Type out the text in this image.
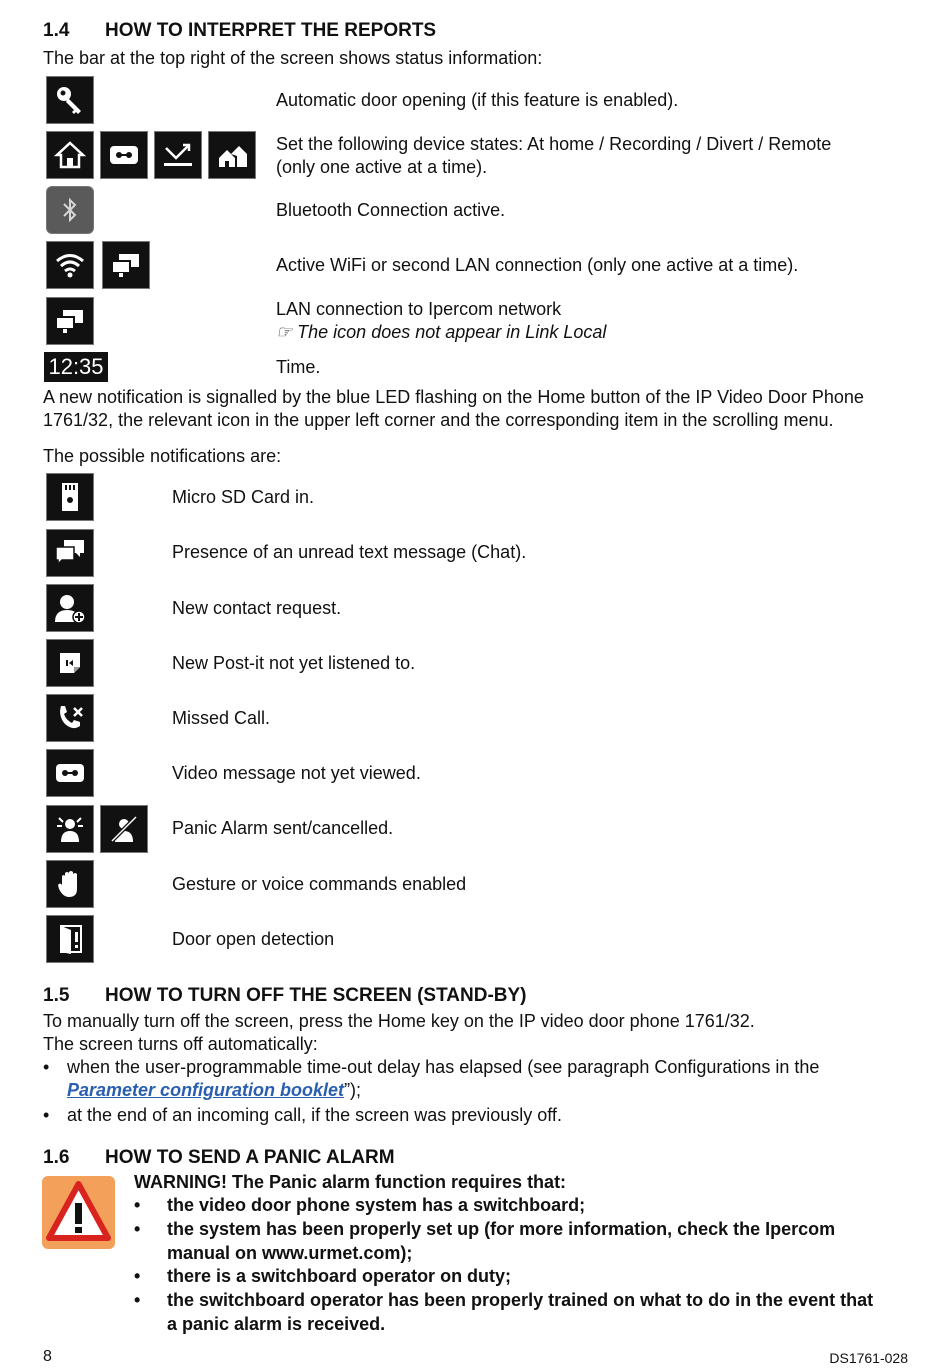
1.4 HOW TO INTERPRET THE REPORTS
The bar at the top right of the screen shows status information:
Automatic door opening (if this feature is enabled).
Set the following device states: At home / Recording / Divert / Remote
(only one active at a time).
Bluetooth Connection active.
Active WiFi or second LAN connection (only one active at a time).
LAN connection to Ipercom network
☞ The icon does not appear in Link Local
12:35	Time.
A new notification is signalled by the blue LED flashing on the Home button of the IP Video Door Phone
1761/32, the relevant icon in the upper left corner and the corresponding item in the scrolling menu.
The possible notifications are:
Micro SD Card in.
Presence of an unread text message (Chat).
New contact request.
New Post-it not yet listened to.
Missed Call.
Video message not yet viewed.
Panic Alarm sent/cancelled.
Gesture or voice commands enabled
Door open detection
1.5 HOW TO TURN OFF THE SCREEN (STAND-BY)
To manually turn off the screen, press the Home key on the IP video door phone 1761/32.
The screen turns off automatically:
• when the user-programmable time-out delay has elapsed (see paragraph Configurations in the
Parameter configuration booklet”);
• at the end of an incoming call, if the screen was previously off.
1.6 HOW TO SEND A PANIC ALARM
WARNING! The Panic alarm function requires that:
• the video door phone system has a switchboard;
• the system has been properly set up (for more information, check the Ipercom
manual on www.urmet.com);
• there is a switchboard operator on duty;
• the switchboard operator has been properly trained on what to do in the event that
a panic alarm is received.
8	DS1761-028
